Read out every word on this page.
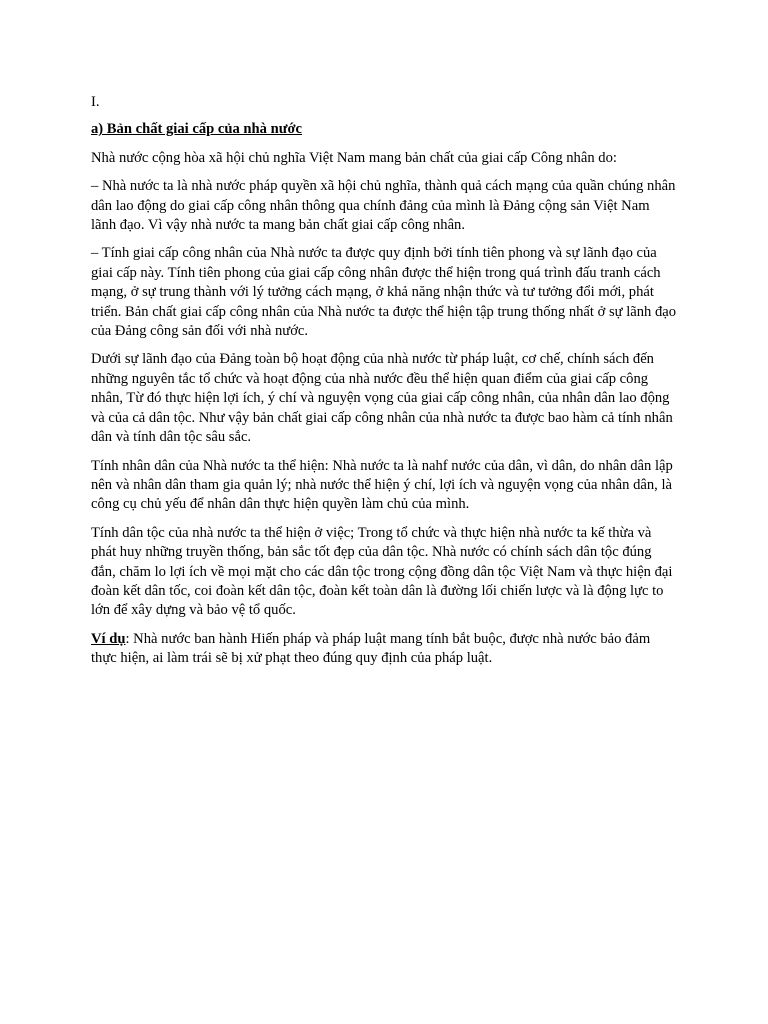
I.

a) Bản chất giai cấp của nhà nước

Nhà nước cộng hòa xã hội chủ nghĩa Việt Nam mang bản chất của giai cấp Công nhân do:

– Nhà nước ta là nhà nước pháp quyền xã hội chủ nghĩa, thành quả cách mạng của quần chúng nhân dân lao động do giai cấp công nhân thông qua chính đảng của mình là Đảng cộng sản Việt Nam lãnh đạo. Vì vậy nhà nước ta mang bản chất giai cấp công nhân.

– Tính giai cấp công nhân của Nhà nước ta được quy định bởi tính tiên phong và sự lãnh đạo của giai cấp này. Tính tiên phong của giai cấp công nhân được thể hiện trong quá trình đấu tranh cách mạng, ở sự trung thành với lý tưởng cách mạng, ở khả năng nhận thức và tư tưởng đổi mới, phát triển. Bản chất giai cấp công nhân của Nhà nước ta được thể hiện tập trung thống nhất ở sự lãnh đạo của Đảng công sản đối với nhà nước.

Dưới sự lãnh đạo của Đảng toàn bộ hoạt động của nhà nước từ pháp luật, cơ chế, chính sách đến những nguyên tắc tổ chức và hoạt động của nhà nước đều thể hiện quan điểm của giai cấp công nhân, Từ đó thực hiện lợi ích, ý chí và nguyện vọng của giai cấp công nhân, của nhân dân lao động và của cả dân tộc. Như vậy bản chất giai cấp công nhân của nhà nước ta được bao hàm cả tính nhân dân và tính dân tộc sâu sắc.

Tính nhân dân của Nhà nước ta thể hiện: Nhà nước ta là nahf nước của dân, vì dân, do nhân dân lập nên và nhân dân tham gia quản lý; nhà nước thể hiện ý chí, lợi ích và nguyện vọng của nhân dân, là công cụ chủ yếu để nhân dân thực hiện quyền làm chủ của mình.

Tính dân tộc của nhà nước ta thể hiện ở việc; Trong tổ chức và thực hiện nhà nước ta kế thừa và phát huy những truyền thống, bản sắc tốt đẹp của dân tộc. Nhà nước có chính sách dân tộc đúng đắn, chăm lo lợi ích về mọi mặt cho các dân tộc trong cộng đồng dân tộc Việt Nam và thực hiện đại đoàn kết dân tốc, coi đoàn kết dân tộc, đoàn kết toàn dân là đường lối chiến lược và là động lực to lớn để xây dựng và bảo vệ tổ quốc.

Ví dụ: Nhà nước ban hành Hiến pháp và pháp luật mang tính bắt buộc, được nhà nước bảo đảm thực hiện, ai làm trái sẽ bị xử phạt theo đúng quy định của pháp luật.
